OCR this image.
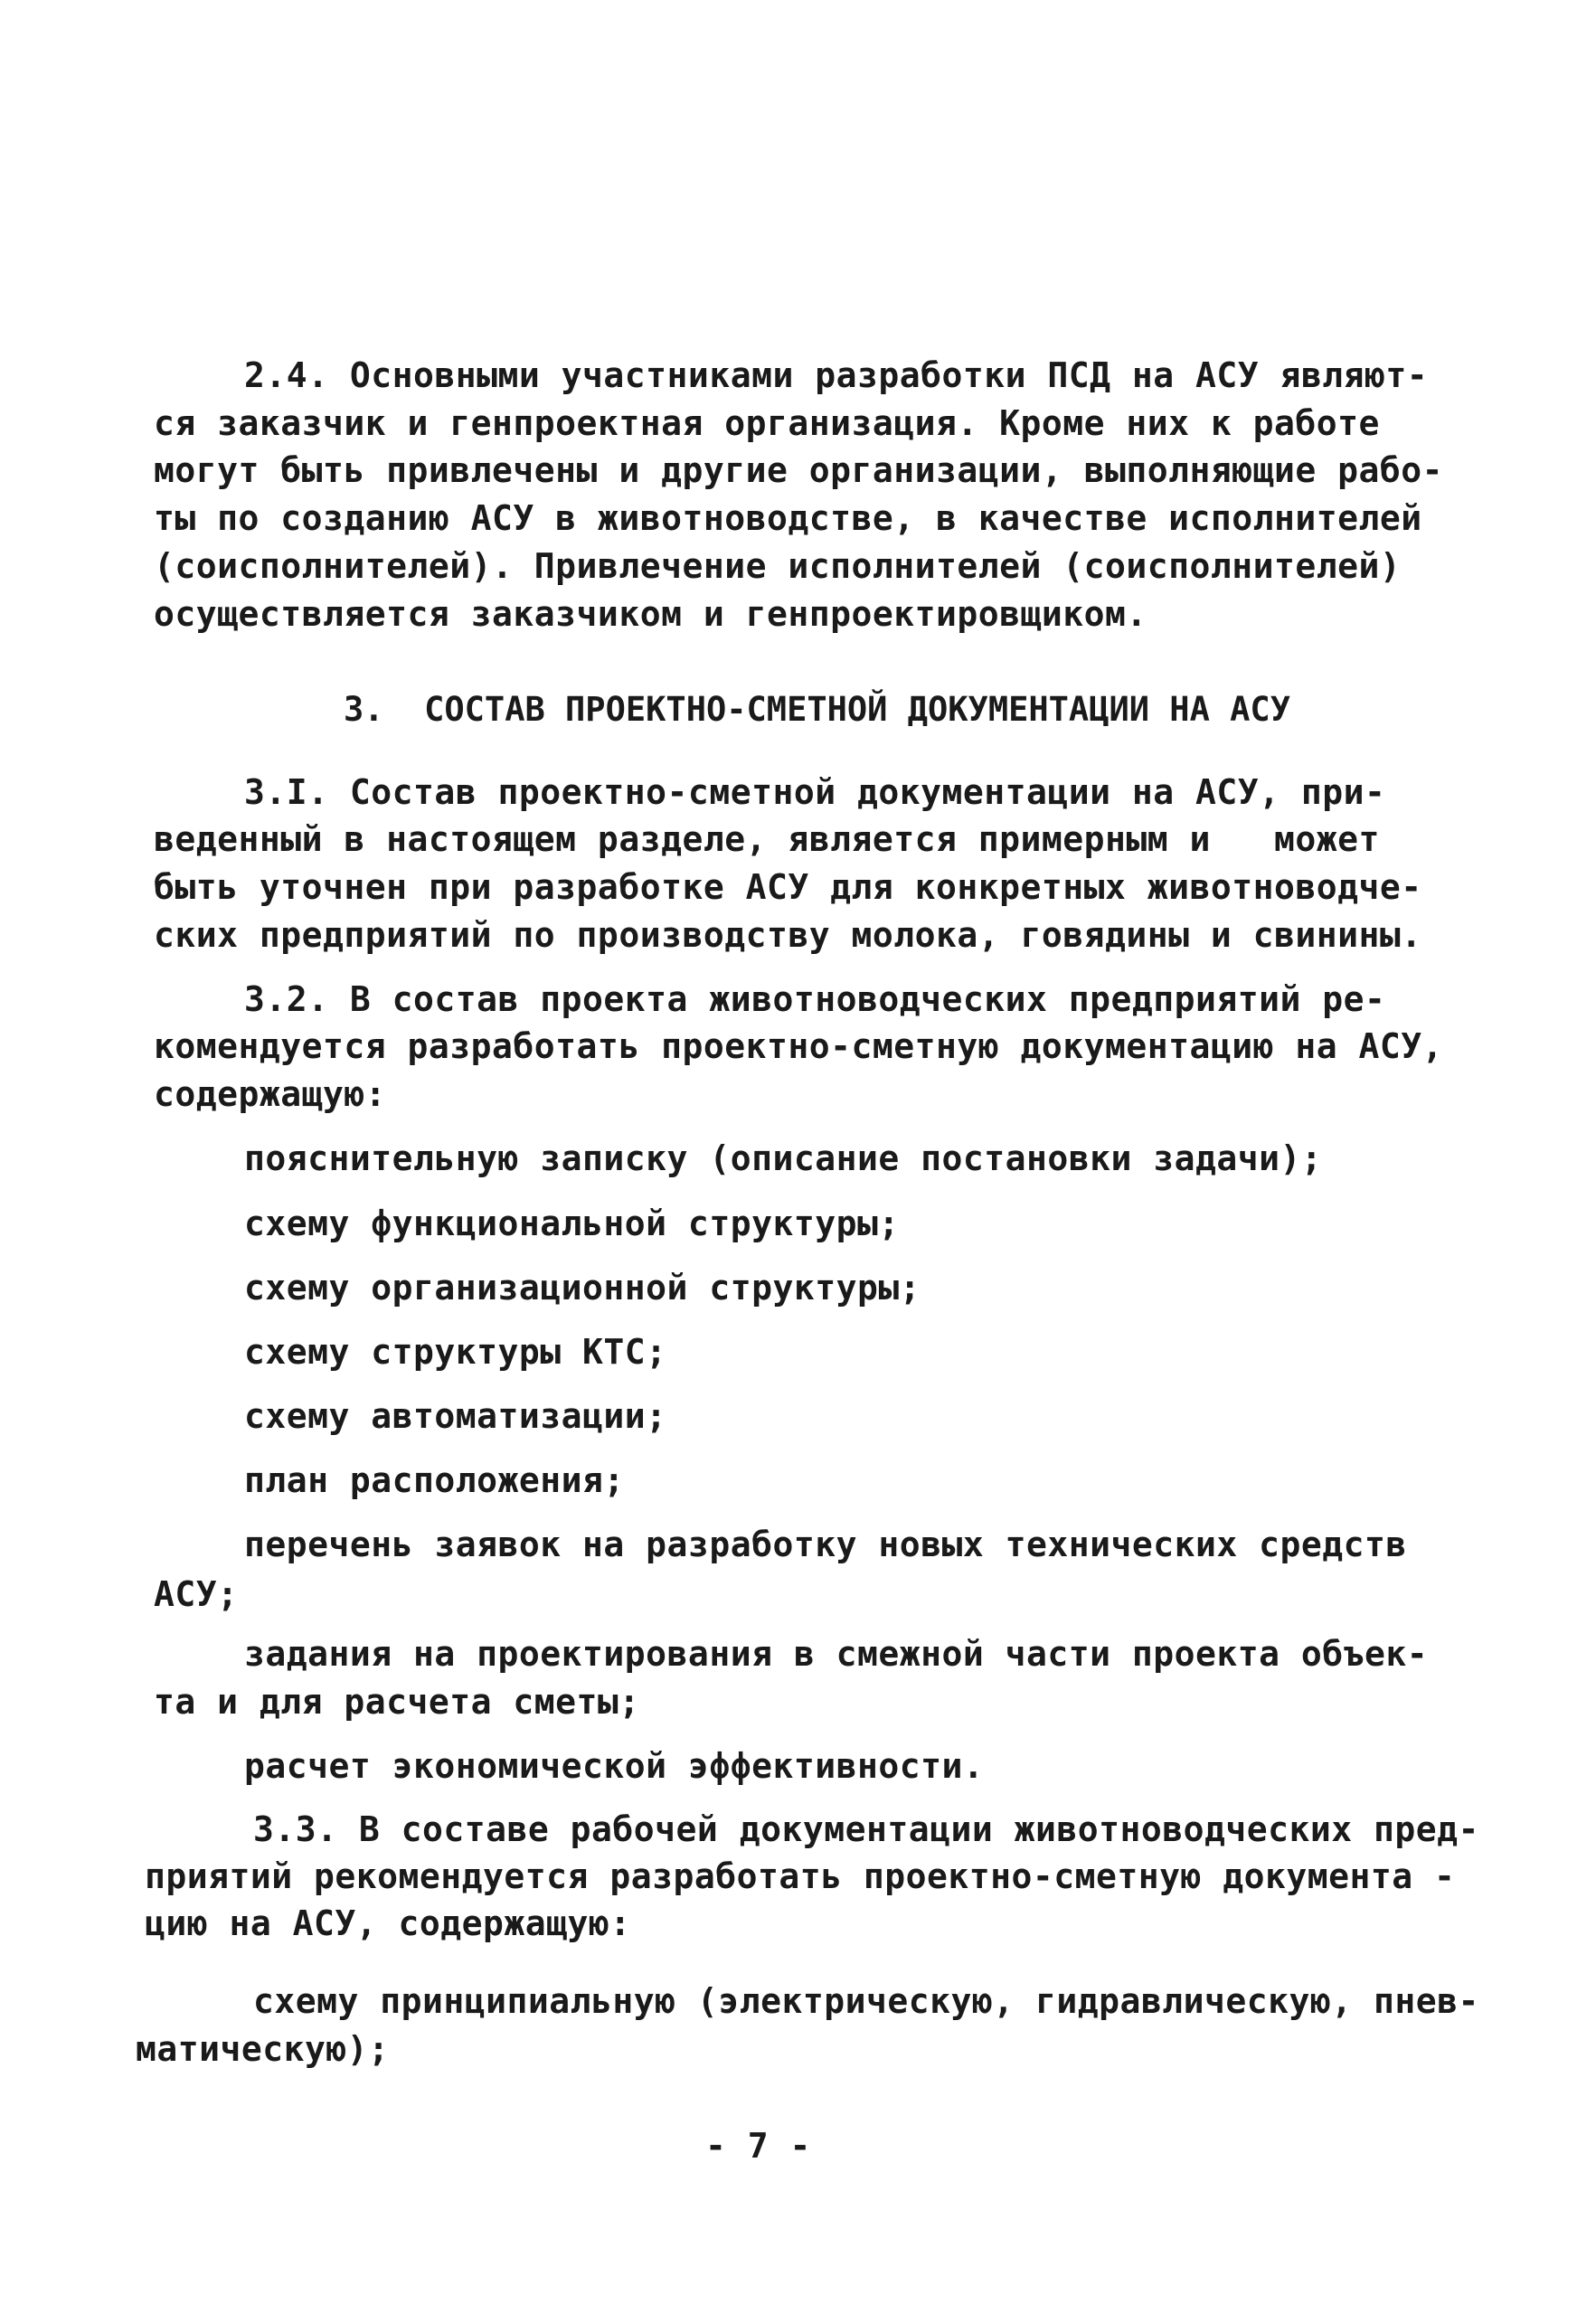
2.4. Основными участниками разработки ПСД на АСУ являют-
ся заказчик и генпроектная организация. Кроме них к работе
могут быть привлечены и другие организации, выполняющие рабо-
ты по созданию АСУ в животноводстве, в качестве исполнителей
(соисполнителей). Привлечение исполнителей (соисполнителей)
осуществляется заказчиком и генпроектировщиком.
3.  СОСТАВ ПРОЕКТНО-СМЕТНОЙ ДОКУМЕНТАЦИИ НА АСУ
3.I. Состав проектно-сметной документации на АСУ, при-
веденный в настоящем разделе, является примерным и   может
быть уточнен при разработке АСУ для конкретных животноводче-
ских предприятий по производству молока, говядины и свинины.
3.2. В состав проекта животноводческих предприятий ре-
комендуется разработать проектно-сметную документацию на АСУ,
содержащую:
пояснительную записку (описание постановки задачи);
схему функциональной структуры;
схему организационной структуры;
схему структуры КТС;
схему автоматизации;
план расположения;
перечень заявок на разработку новых технических средств
АСУ;
задания на проектирования в смежной части проекта объек-
та и для расчета сметы;
расчет экономической эффективности.
3.3. В составе рабочей документации животноводческих пред-
приятий рекомендуется разработать проектно-сметную документа -
цию на АСУ, содержащую:
схему принципиальную (электрическую, гидравлическую, пнев-
матическую);
- 7 -
